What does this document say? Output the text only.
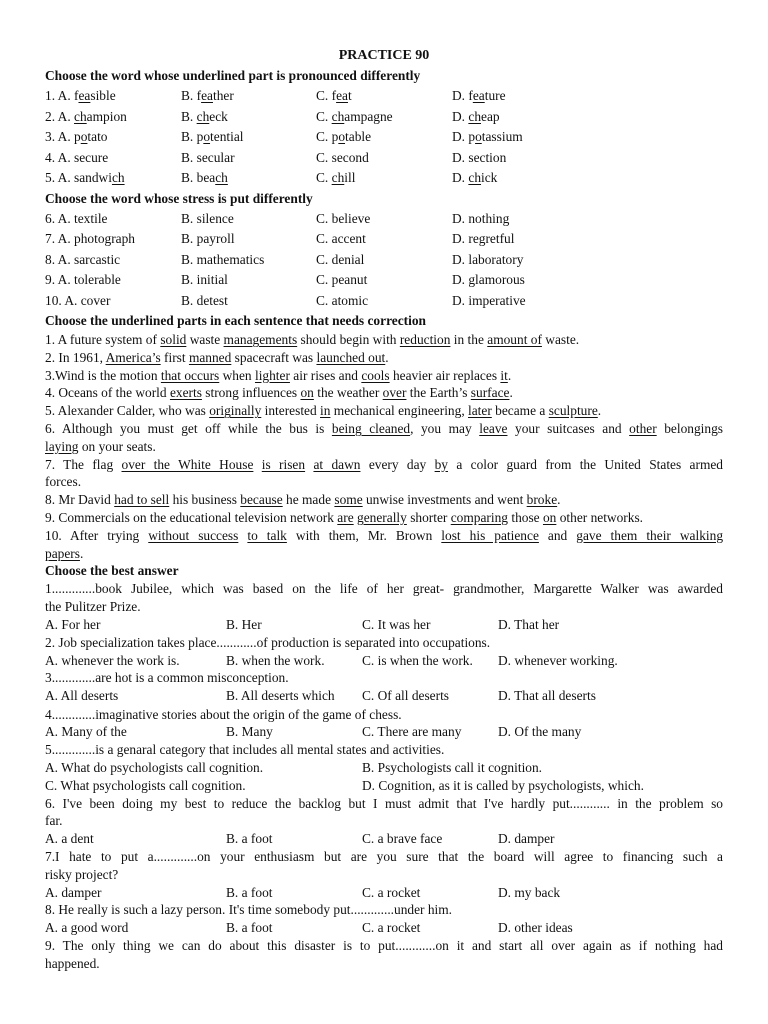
PRACTICE 90
Choose the word whose underlined part is pronounced differently
1. A. feasible	B. feather	C. feat	D. feature
2. A. champion	B. check	C. champagne	D. cheap
3. A. potato	B. potential	C. potable	D. potassium
4. A. secure	B. secular	C. second	D. section
5. A. sandwich	B. beach	C. chill	D. chick
Choose the word whose stress is put differently
6. A. textile	B. silence	C. believe	D. nothing
7. A. photograph	B. payroll	C. accent	D. regretful
8. A. sarcastic	B. mathematics	C. denial	D. laboratory
9. A. tolerable	B. initial	C. peanut	D. glamorous
10. A. cover	B. detest	C. atomic	D. imperative
Choose the underlined parts in each sentence that needs correction
1. A future system of solid waste managements should begin with reduction in the amount of waste.
2. In 1961, America’s first manned spacecraft was launched out.
3.Wind is the motion that occurs when lighter air rises and cools heavier air replaces it.
4. Oceans of the world exerts strong influences on the weather over the Earth’s surface.
5. Alexander Calder, who was originally interested in mechanical engineering, later became a sculpture.
6. Although you must get off while the bus is being cleaned, you may leave your suitcases and other belongings
laying on your seats.
7. The flag over the White House is risen at dawn every day by a color guard from the United States armed
forces.
8. Mr David had to sell his business because he made some unwise investments and went broke.
9. Commercials on the educational television network are generally shorter comparing those on other networks.
10. After trying without success to talk with them, Mr. Brown lost his patience and gave them their walking
papers.
Choose the best answer
1.............book Jubilee, which was based on the life of her great- grandmother, Margarette Walker was awarded
the Pulitzer Prize.
A. For her	B. Her	C. It was her	D. That her
2. Job specialization takes place............of production is separated into occupations.
A. whenever the work is.	B. when the work.	C. is when the work.	D. whenever working.
3.............are hot is a common misconception.
A. All deserts	B. All deserts which	C. Of all deserts	D. That all deserts
4.............imaginative stories about the origin of the game of chess.
A. Many of the	B. Many	C. There are many	D. Of the many
5.............is a genaral category that includes all mental states and activities.
A. What do psychologists call cognition.	B. Psychologists call it cognition.
C. What psychologists call cognition.	D. Cognition, as it is called by psychologists, which.
6. I've been doing my best to reduce the backlog but I must admit that I've hardly put............ in the problem so
far.
A. a dent	B. a foot	C. a brave face	D. damper
7.I hate to put a.............on your enthusiasm but are you sure that the board will agree to financing such a
risky project?
A. damper	B. a foot	C. a rocket	D. my back
8. He really is such a lazy person. It's time somebody put.............under him.
A. a good word	B. a foot	C. a rocket	D. other ideas
9. The only thing we can do about this disaster is to put............on it and start all over again as if nothing had
happened.
